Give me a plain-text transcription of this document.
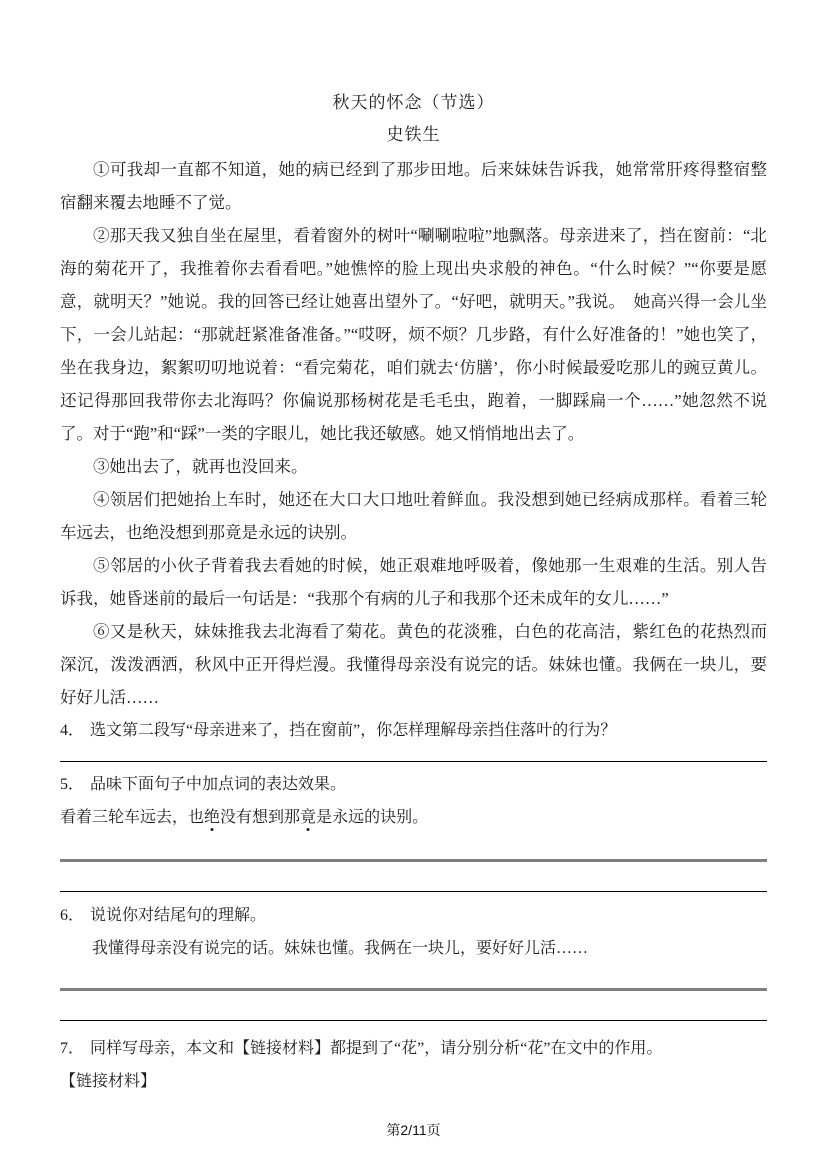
秋天的怀念（节选）
史铁生

①可我却一直都不知道，她的病已经到了那步田地。后来妹妹告诉我，她常常肝疼得整宿整宿翻来覆去地睡不了觉。

②那天我又独自坐在屋里，看着窗外的树叶“唰唰啦啦”地飘落。母亲进来了，挡在窗前：“北海的菊花开了，我推着你去看看吧。”她憔悴的脸上现出央求般的神色。“什么时候？”“你要是愿意，就明天？”她说。我的回答已经让她喜出望外了。“好吧，就明天。”我说。　她高兴得一会儿坐下，一会儿站起：“那就赶紧准备准备。”“哎呀，烦不烦？几步路，有什么好准备的！”她也笑了，坐在我身边，絮絮叨叨地说着：“看完菊花，咱们就去‘仿膳’，你小时候最爱吃那儿的豌豆黄儿。还记得那回我带你去北海吗？你偏说那杨树花是毛毛虫，跑着，一脚踩扁一个……”她忽然不说了。对于“跑”和“踩”一类的字眼儿，她比我还敏感。她又悄悄地出去了。

③她出去了，就再也没回来。

④领居们把她抬上车时，她还在大口大口地吐着鲜血。我没想到她已经病成那样。看着三轮车远去，也绝没想到那竟是永远的诀别。

⑤邻居的小伙子背着我去看她的时候，她正艰难地呼吸着，像她那一生艰难的生活。别人告诉我，她昏迷前的最后一句话是：“我那个有病的儿子和我那个还未成年的女儿……”

⑥又是秋天，妹妹推我去北海看了菊花。黄色的花淡雅，白色的花高洁，紫红色的花热烈而深沉，泼泼洒洒，秋风中正开得烂漫。我懂得母亲没有说完的话。妹妹也懂。我俩在一块儿，要好好儿活……

4． 选文第二段写“母亲进来了，挡在窗前”，你怎样理解母亲挡住落叶的行为？
5． 品味下面句子中加点词的表达效果。
看着三轮车远去，也绝没有想到那竟是永远的诀别。
6． 说说你对结尾句的理解。
我懂得母亲没有说完的话。妹妹也懂。我俩在一块儿，要好好儿活……
7． 同样写母亲，本文和【链接材料】都提到了“花”，请分别分析“花”在文中的作用。
【链接材料】
第2/11页
